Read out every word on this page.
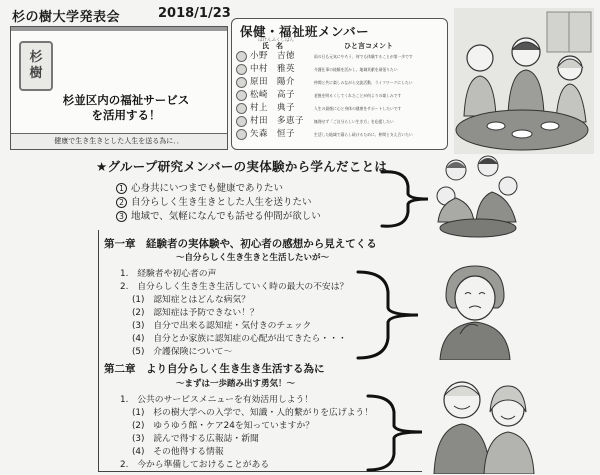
杉の樹大学発表会	2018/1/23
杉
樹
杉並区内の福祉サービス
を活用する！
健康で生き生きとした人生を送る為に．．
保健・福祉班メンバー
ほけんふくしはん
氏　名	ひと言コメント
小野　吉徳	雨の日も元気にやろう、何でも体験することが第一歩です
中村　雅英	介護仕事の経験を活かし、地域貢献を頑張りたい
原田　陽介	仲間と共に楽しみながら交流活動、ライフワークにしたい
松崎　高子	老後を明るくしてくれたことが何よりの楽しみです
村上　典子	人生の最後に心と身体の健康をサポートしたいです
村田　多恵子	無理せず「ご自分らしい生き方」を応援したい
矢森　恒子	生活した地域で暮らし続けるために、仲間と支え合いたい
★グループ研究メンバーの実体験から学んだことは
1 心身共にいつまでも健康でありたい
2 自分らしく生き生きとした人生を送りたい
3 地域で、気軽になんでも話せる仲間が欲しい
第一章　経験者の実体験や、初心者の感想から見えてくる
～自分らしく生き生きと生活したいが～
1.　経験者や初心者の声
2.　自分らしく生き生き生活していく時の最大の不安は？
(1)　認知症とはどんな病気？
(2)　認知症は予防できない！？
(3)　自分で出来る認知症・気付きのチェック
(4)　自分とか家族に認知症の心配が出てきたら・・・
(5)　介護保険について～
第二章　より自分らしく生き生き生活する為に
～まずは一歩踏み出す勇気！～
1.　公共のサービスメニューを有効活用しよう！
(1)　杉の樹大学への入学で、知識・人的繋がりを広げよう！
(2)　ゆうゆう館・ケア24を知っていますか？
(3)　読んで得する広報誌・新聞
(4)　その他得する情報
2.　今から準備しておけることがある
